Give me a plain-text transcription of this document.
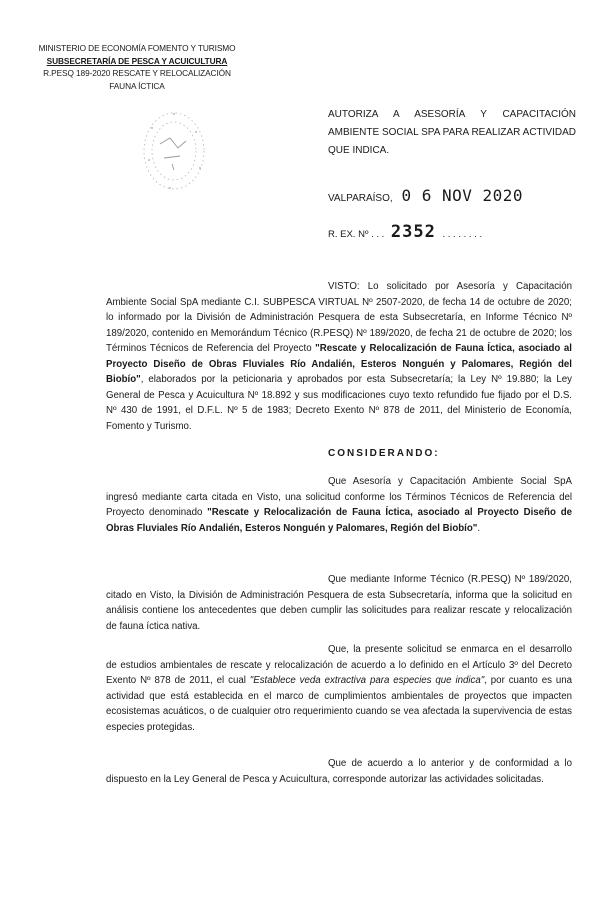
MINISTERIO DE ECONOMÍA FOMENTO Y TURISMO
SUBSECRETARÍA DE PESCA Y ACUICULTURA
R.PESQ 189-2020 RESCATE Y RELOCALIZACIÓN
FAUNA ÍCTICA
AUTORIZA A ASESORÍA Y CAPACITACIÓN AMBIENTE SOCIAL SPA PARA REALIZAR ACTIVIDAD QUE INDICA.
VALPARAÍSO, 0 6 NOV 2020
R. EX. Nº . . . 2352 . . . . . . . .
VISTO: Lo solicitado por Asesoría y Capacitación Ambiente Social SpA mediante C.I. SUBPESCA VIRTUAL Nº 2507-2020, de fecha 14 de octubre de 2020; lo informado por la División de Administración Pesquera de esta Subsecretaría, en Informe Técnico Nº 189/2020, contenido en Memorándum Técnico (R.PESQ) Nº 189/2020, de fecha 21 de octubre de 2020; los Términos Técnicos de Referencia del Proyecto "Rescate y Relocalización de Fauna Íctica, asociado al Proyecto Diseño de Obras Fluviales Río Andalién, Esteros Nonguén y Palomares, Región del Biobío", elaborados por la peticionaria y aprobados por esta Subsecretaría; la Ley Nº 19.880; la Ley General de Pesca y Acuicultura Nº 18.892 y sus modificaciones cuyo texto refundido fue fijado por el D.S. Nº 430 de 1991, el D.F.L. Nº 5 de 1983; Decreto Exento Nº 878 de 2011, del Ministerio de Economía, Fomento y Turismo.
CONSIDERANDO:
Que Asesoría y Capacitación Ambiente Social SpA ingresó mediante carta citada en Visto, una solicitud conforme los Términos Técnicos de Referencia del Proyecto denominado "Rescate y Relocalización de Fauna Íctica, asociado al Proyecto Diseño de Obras Fluviales Río Andalién, Esteros Nonguén y Palomares, Región del Biobío".
Que mediante Informe Técnico (R.PESQ) Nº 189/2020, citado en Visto, la División de Administración Pesquera de esta Subsecretaría, informa que la solicitud en análisis contiene los antecedentes que deben cumplir las solicitudes para realizar rescate y relocalización de fauna íctica nativa.
Que, la presente solicitud se enmarca en el desarrollo de estudios ambientales de rescate y relocalización de acuerdo a lo definido en el Artículo 3º del Decreto Exento Nº 878 de 2011, el cual "Establece veda extractiva para especies que indica", por cuanto es una actividad que está establecida en el marco de cumplimientos ambientales de proyectos que impacten ecosistemas acuáticos, o de cualquier otro requerimiento cuando se vea afectada la supervivencia de estas especies protegidas.
Que de acuerdo a lo anterior y de conformidad a lo dispuesto en la Ley General de Pesca y Acuicultura, corresponde autorizar las actividades solicitadas.
